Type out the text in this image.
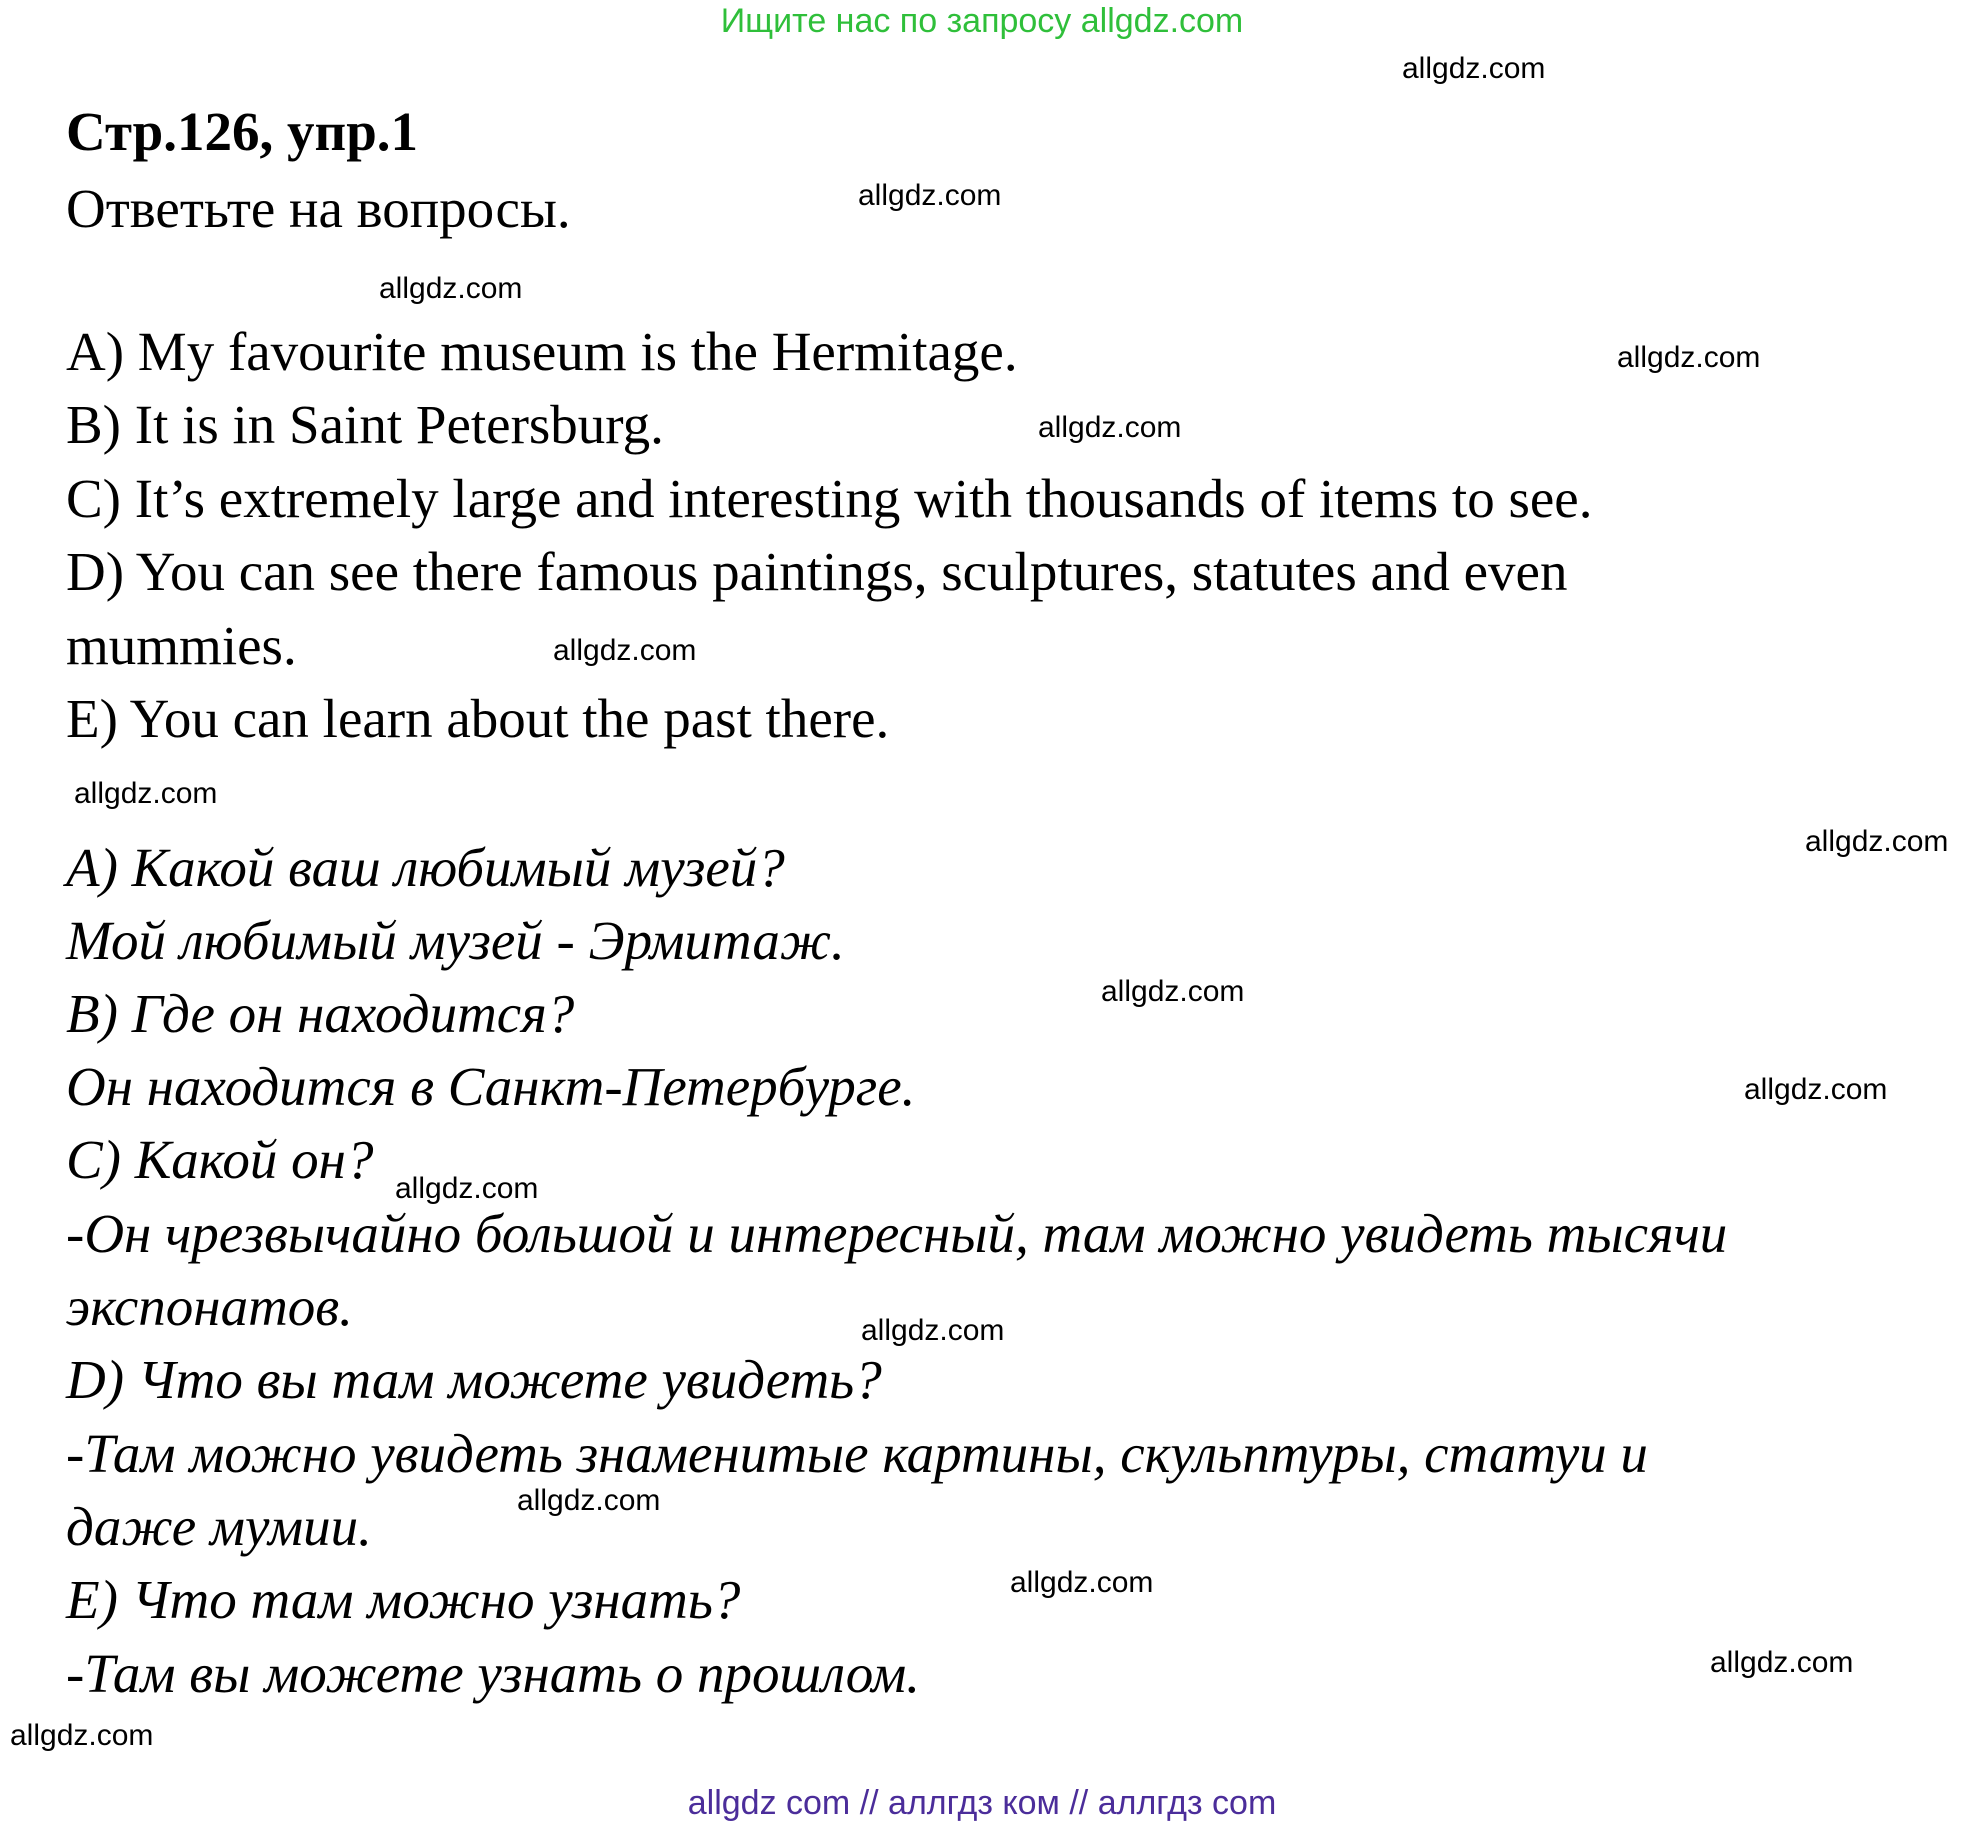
Ищите нас по запросу allgdz.com
Стр.126, упр.1
Ответьте на вопросы.
A) My favourite museum is the Hermitage.
B) It is in Saint Petersburg.
C) It’s extremely large and interesting with thousands of items to see.
D) You can see there famous paintings, sculptures, statutes and even
mummies.
E) You can learn about the past there.
A) Какой ваш любимый музей?
Мой любимый музей - Эрмитаж.
B) Где он находится?
Он находится в Санкт-Петербурге.
C) Какой он?
-Он чрезвычайно большой и интересный, там можно увидеть тысячи
экспонатов.
D) Что вы там можете увидеть?
-Там можно увидеть знаменитые картины, скульптуры, статуи и
даже мумии.
E) Что там можно узнать?
-Там вы можете узнать о прошлом.
allgdz.com
allgdz.com
allgdz.com
allgdz.com
allgdz.com
allgdz.com
allgdz.com
allgdz.com
allgdz.com
allgdz.com
allgdz.com
allgdz.com
allgdz.com
allgdz.com
allgdz.com
allgdz.com
allgdz com // аллгдз ком // аллгдз com
